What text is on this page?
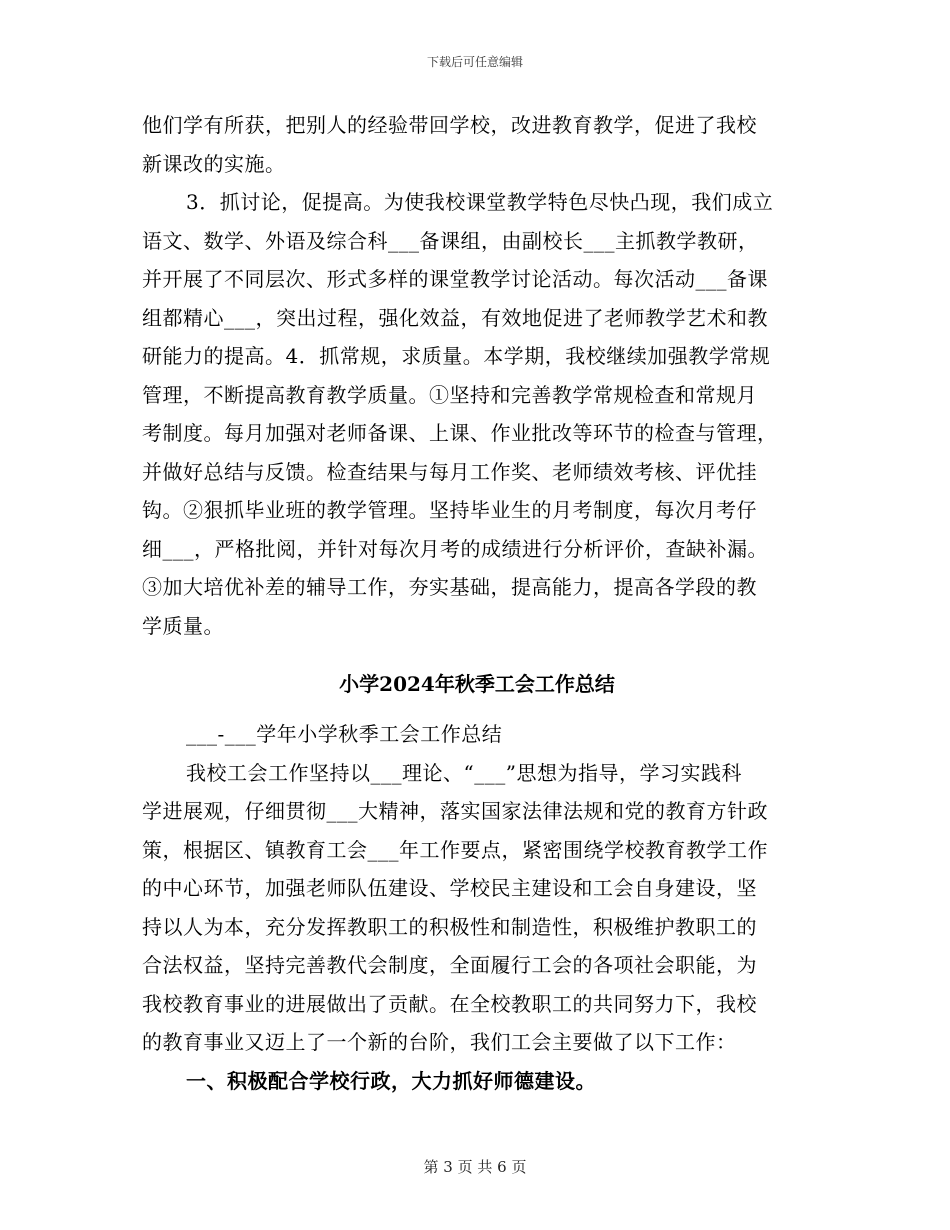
下载后可任意编辑
他们学有所获，把别人的经验带回学校，改进教育教学，促进了我校
新课改的实施。
3．抓讨论，促提高。为使我校课堂教学特色尽快凸现，我们成立
语文、数学、外语及综合科___备课组，由副校长___主抓教学教研，
并开展了不同层次、形式多样的课堂教学讨论活动。每次活动___备课
组都精心___，突出过程，强化效益，有效地促进了老师教学艺术和教
研能力的提高。4．抓常规，求质量。本学期，我校继续加强教学常规
管理，不断提高教育教学质量。①坚持和完善教学常规检查和常规月
考制度。每月加强对老师备课、上课、作业批改等环节的检查与管理，
并做好总结与反馈。检查结果与每月工作奖、老师绩效考核、评优挂
钩。②狠抓毕业班的教学管理。坚持毕业生的月考制度，每次月考仔
细___，严格批阅，并针对每次月考的成绩进行分析评价，查缺补漏。
③加大培优补差的辅导工作，夯实基础，提高能力，提高各学段的教
学质量。
小学2024年秋季工会工作总结
___-___学年小学秋季工会工作总结
我校工会工作坚持以___理论、“___”思想为指导，学习实践科
学进展观，仔细贯彻___大精神，落实国家法律法规和党的教育方针政
策，根据区、镇教育工会___年工作要点，紧密围绕学校教育教学工作
的中心环节，加强老师队伍建设、学校民主建设和工会自身建设，坚
持以人为本，充分发挥教职工的积极性和制造性，积极维护教职工的
合法权益，坚持完善教代会制度，全面履行工会的各项社会职能，为
我校教育事业的进展做出了贡献。在全校教职工的共同努力下，我校
的教育事业又迈上了一个新的台阶，我们工会主要做了以下工作：
一、积极配合学校行政，大力抓好师德建设。
第 3 页 共 6 页
